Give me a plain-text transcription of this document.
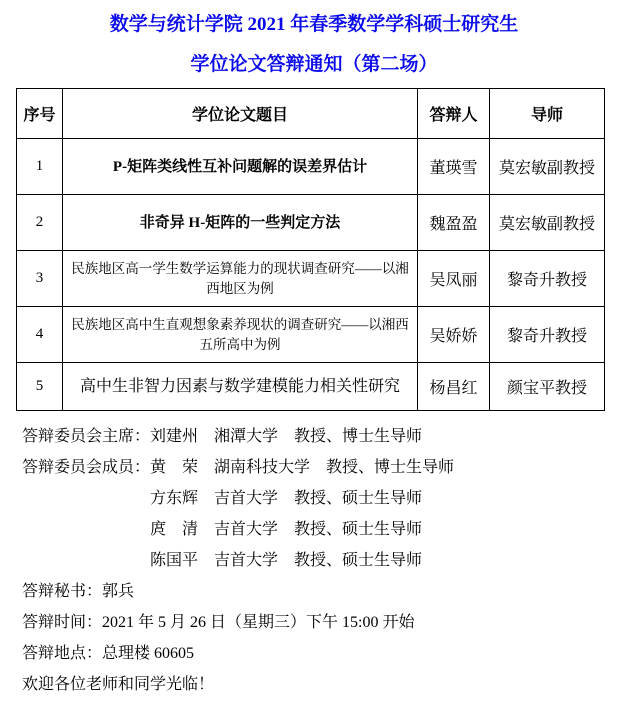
数学与统计学院 2021 年春季数学学科硕士研究生
学位论文答辩通知（第二场）
序号	学位论文题目	答辩人	导师
1	P-矩阵类线性互补问题解的误差界估计	董瑛雪	莫宏敏副教授
2	非奇异 H-矩阵的一些判定方法	魏盈盈	莫宏敏副教授
3	民族地区高一学生数学运算能力的现状调查研究——以湘西地区为例	吴凤丽	黎奇升教授
4	民族地区高中生直观想象素养现状的调查研究——以湘西五所高中为例	吴娇娇	黎奇升教授
5	高中生非智力因素与数学建模能力相关性研究	杨昌红	颜宝平教授
答辩委员会主席： 刘建州　湘潭大学　教授、博士生导师
答辩委员会成员： 黄　荣　湖南科技大学　教授、博士生导师
方东辉　吉首大学　教授、硕士生导师
庹　清　吉首大学　教授、硕士生导师
陈国平　吉首大学　教授、硕士生导师
答辩秘书：郭兵
答辩时间：2021 年 5 月 26 日（星期三）下午 15:00 开始
答辩地点：总理楼 60605
欢迎各位老师和同学光临！
